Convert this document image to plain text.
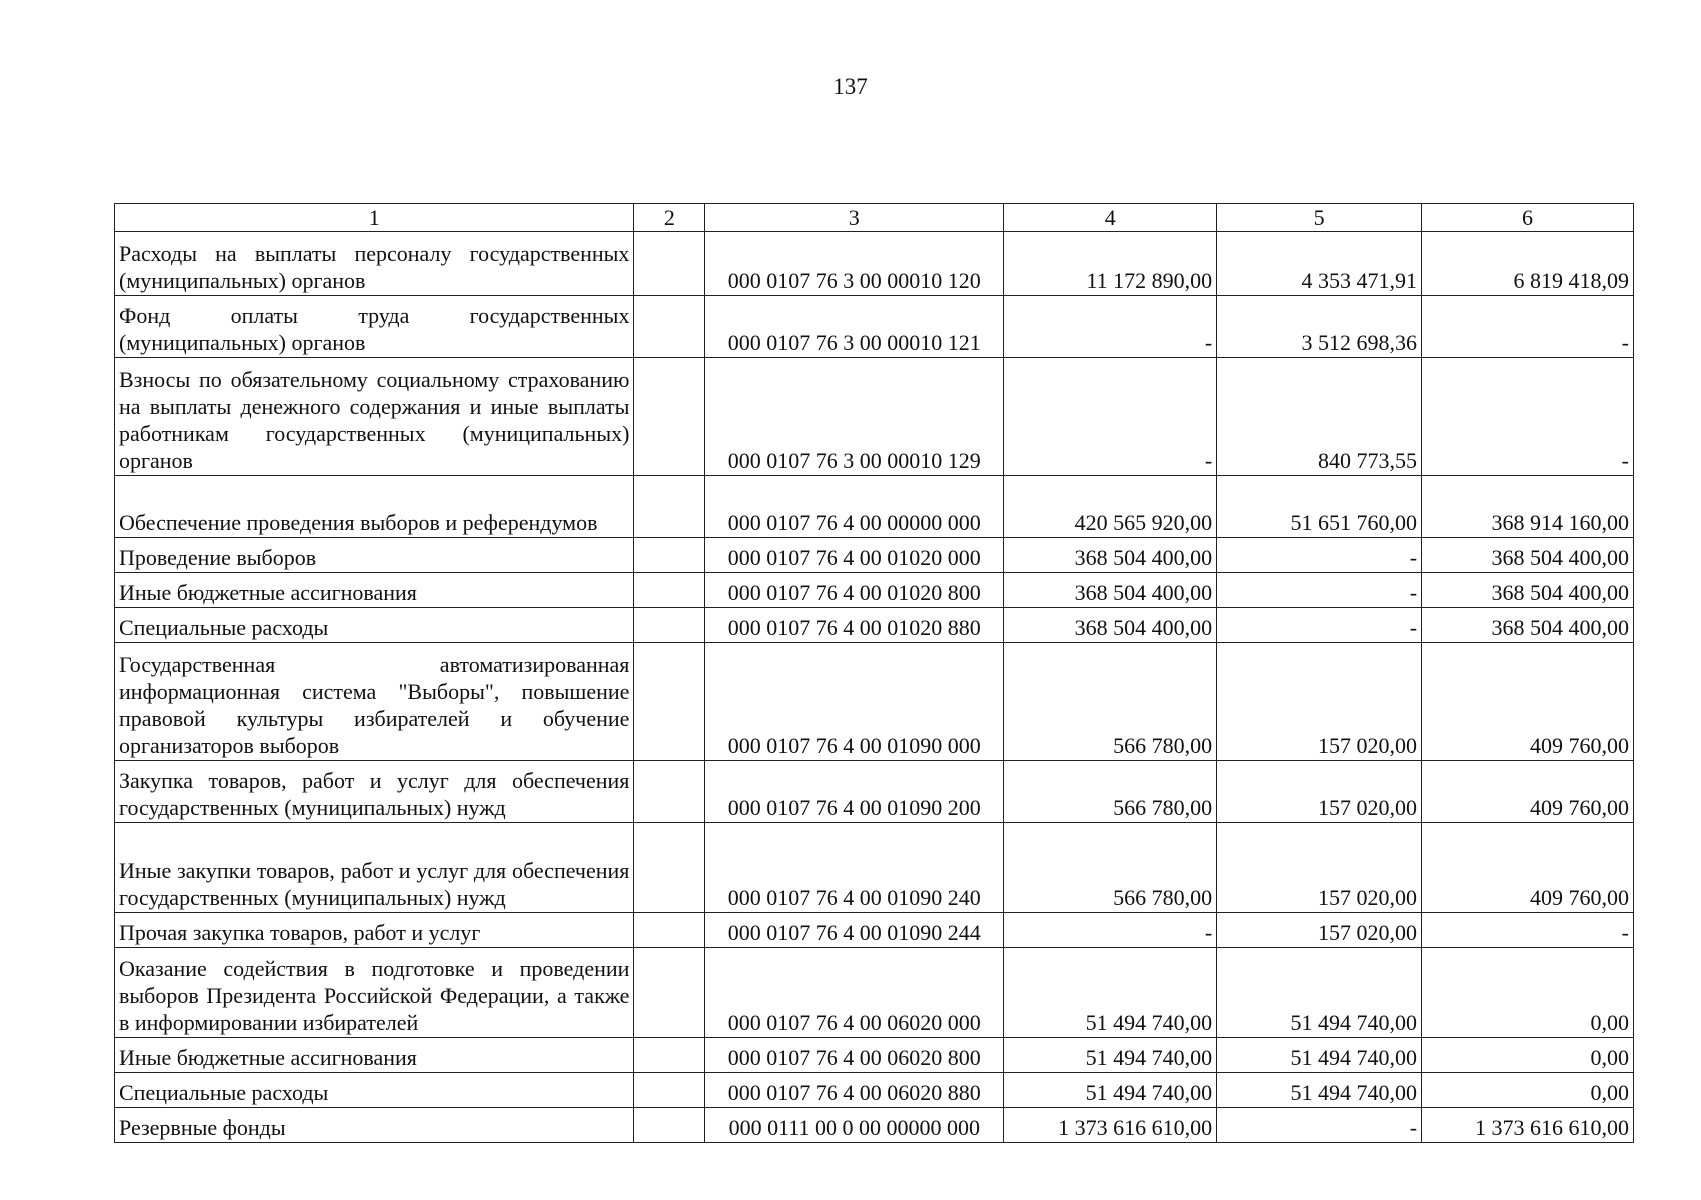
137
1	2	3	4	5	6
Расходы на выплаты персоналу государственных (муниципальных) органов		000 0107 76 3 00 00010 120	11 172 890,00	4 353 471,91	6 819 418,09
Фонд оплаты труда государственных (муниципальных) органов		000 0107 76 3 00 00010 121	-	3 512 698,36	-
Взносы по обязательному социальному страхованию на выплаты денежного содержания и иные выплаты работникам государственных (муниципальных) органов		000 0107 76 3 00 00010 129	-	840 773,55	-
Обеспечение проведения выборов и референдумов		000 0107 76 4 00 00000 000	420 565 920,00	51 651 760,00	368 914 160,00
Проведение выборов		000 0107 76 4 00 01020 000	368 504 400,00	-	368 504 400,00
Иные бюджетные ассигнования		000 0107 76 4 00 01020 800	368 504 400,00	-	368 504 400,00
Специальные расходы		000 0107 76 4 00 01020 880	368 504 400,00	-	368 504 400,00
Государственная автоматизированная информационная система "Выборы", повышение правовой культуры избирателей и обучение организаторов выборов		000 0107 76 4 00 01090 000	566 780,00	157 020,00	409 760,00
Закупка товаров, работ и услуг для обеспечения государственных (муниципальных) нужд		000 0107 76 4 00 01090 200	566 780,00	157 020,00	409 760,00
Иные закупки товаров, работ и услуг для обеспечения государственных (муниципальных) нужд		000 0107 76 4 00 01090 240	566 780,00	157 020,00	409 760,00
Прочая закупка товаров, работ и услуг		000 0107 76 4 00 01090 244	-	157 020,00	-
Оказание содействия в подготовке и проведении выборов Президента Российской Федерации, а также в информировании избирателей		000 0107 76 4 00 06020 000	51 494 740,00	51 494 740,00	0,00
Иные бюджетные ассигнования		000 0107 76 4 00 06020 800	51 494 740,00	51 494 740,00	0,00
Специальные расходы		000 0107 76 4 00 06020 880	51 494 740,00	51 494 740,00	0,00
Резервные фонды		000 0111 00 0 00 00000 000	1 373 616 610,00	-	1 373 616 610,00
